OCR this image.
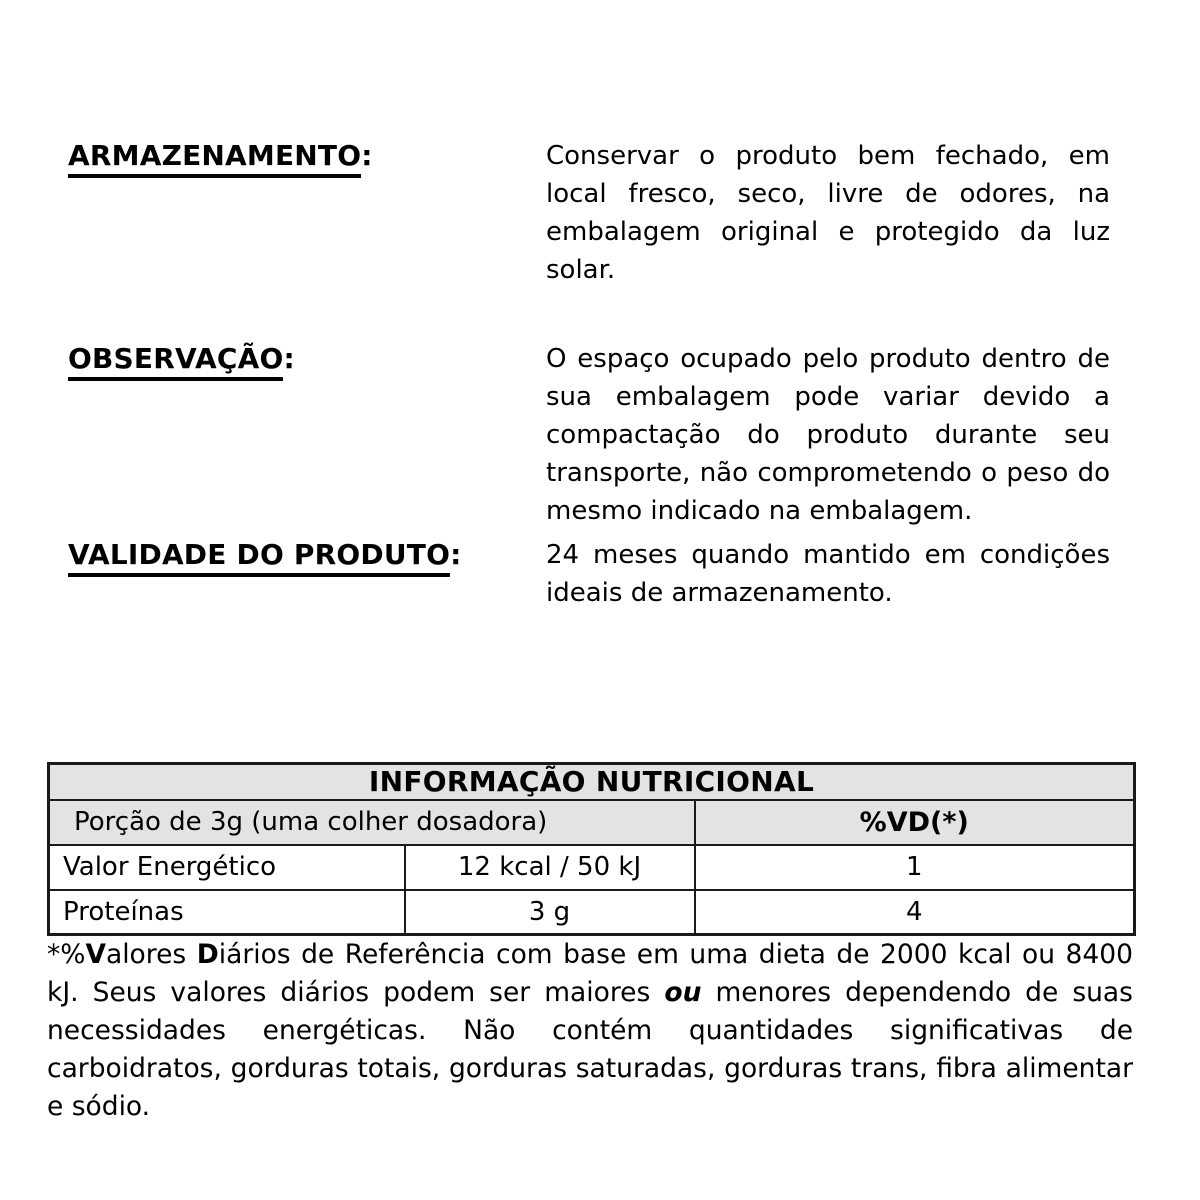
ARMAZENAMENTO:	Conservar o produto bem fechado, em local fresco, seco, livre de odores, na embalagem original e protegido da luz solar.
OBSERVAÇÃO:	O espaço ocupado pelo produto dentro de sua embalagem pode variar devido a compactação do produto durante seu transporte, não comprometendo o peso do mesmo indicado na embalagem.
VALIDADE DO PRODUTO:	24 meses quando mantido em condições ideais de armazenamento.
INFORMAÇÃO NUTRICIONAL		
Porção de 3g (uma colher dosadora)		%VD(*)
Valor Energético	12 kcal / 50 kJ	1
Proteínas	3 g	4

*%Valores Diários de Referência com base em uma dieta de 2000 kcal ou 8400 kJ. Seus valores diários podem ser maiores ou menores dependendo de suas necessidades energéticas. Não contém quantidades significativas de carboidratos, gorduras totais, gorduras saturadas, gorduras trans, fibra alimentar e sódio.
